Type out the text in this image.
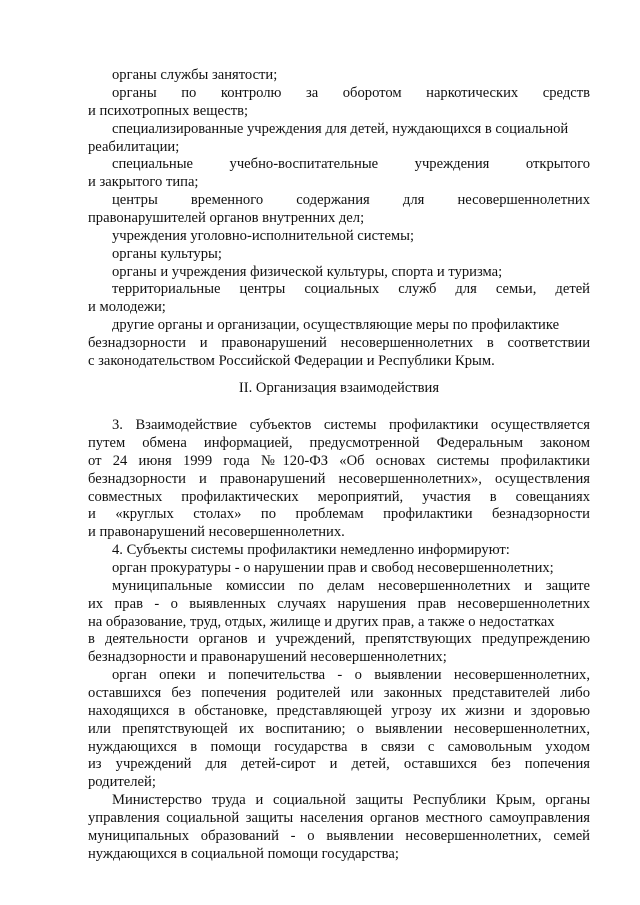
органы службы занятости;
органы по контролю за оборотом наркотических средств
и психотропных веществ;
специализированные учреждения для детей, нуждающихся в социальной
реабилитации;
специальные учебно-воспитательные учреждения открытого
и закрытого типа;
центры временного содержания для несовершеннолетних
правонарушителей органов внутренних дел;
учреждения уголовно-исполнительной системы;
органы культуры;
органы и учреждения физической культуры, спорта и туризма;
территориальные центры социальных служб для семьи, детей
и молодежи;
другие органы и организации, осуществляющие меры по профилактике
безнадзорности и правонарушений несовершеннолетних в соответствии
с законодательством Российской Федерации и Республики Крым.
II. Организация взаимодействия
3. Взаимодействие субъектов системы профилактики осуществляется
путем обмена информацией, предусмотренной Федеральным законом
от 24 июня 1999 года №120-ФЗ «Об основах системы профилактики
безнадзорности и правонарушений несовершеннолетних», осуществления
совместных профилактических мероприятий, участия в совещаниях
и «круглых столах» по проблемам профилактики безнадзорности
и правонарушений несовершеннолетних.
4. Субъекты системы профилактики немедленно информируют:
орган прокуратуры - о нарушении прав и свобод несовершеннолетних;
муниципальные комиссии по делам несовершеннолетних и защите
их прав - о выявленных случаях нарушения прав несовершеннолетних
на образование, труд, отдых, жилище и других прав, а также о недостатках
в деятельности органов и учреждений, препятствующих предупреждению
безнадзорности и правонарушений несовершеннолетних;
орган опеки и попечительства - о выявлении несовершеннолетних,
оставшихся без попечения родителей или законных представителей либо
находящихся в обстановке, представляющей угрозу их жизни и здоровью
или препятствующей их воспитанию; о выявлении несовершеннолетних,
нуждающихся в помощи государства в связи с самовольным уходом
из учреждений для детей-сирот и детей, оставшихся без попечения
родителей;
Министерство труда и социальной защиты Республики Крым, органы
управления социальной защиты населения органов местного самоуправления
муниципальных образований - о выявлении несовершеннолетних, семей
нуждающихся в социальной помощи государства;
